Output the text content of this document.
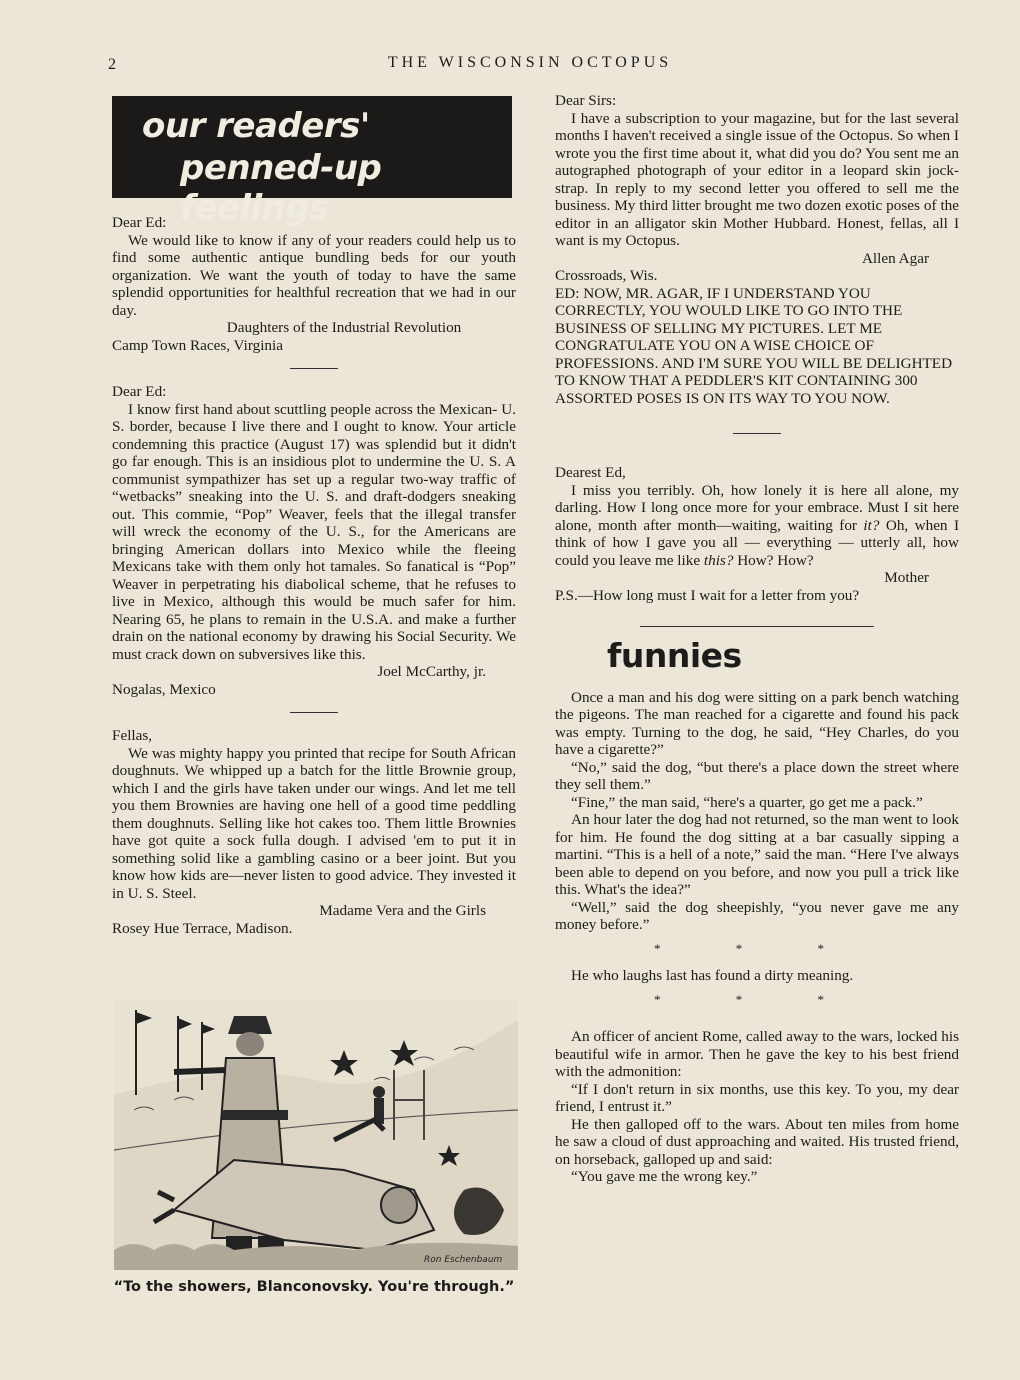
2	THE WISCONSIN OCTOPUS
our readers'
penned-up feelings

Dear Ed:

We would like to know if any of your readers could help us to find some authentic antique bundling beds for our youth organization. We want the youth of today to have the same splendid opportunities for healthful recreation that we had in our day.

Daughters of the Industrial Revolution

Camp Town Races, Virginia

Dear Ed:

I know first hand about scuttling people across the Mexican- U. S. border, because I live there and I ought to know. Your article condemning this practice (August 17) was splendid but it didn't go far enough. This is an insidious plot to undermine the U. S. A communist sympathizer has set up a regular two-way traffic of “wetbacks” sneaking into the U. S. and draft-dodgers sneaking out. This commie, “Pop” Weaver, feels that the illegal transfer will wreck the economy of the U. S., for the Americans are bringing American dollars into Mexico while the fleeing Mexicans take with them only hot tamales. So fanatical is “Pop” Weaver in perpetrating his diabolical scheme, that he refuses to live in Mexico, although this would be much safer for him. Nearing 65, he plans to remain in the U.S.A. and make a further drain on the national economy by drawing his Social Security. We must crack down on subversives like this.

Joel McCarthy, jr.

Nogalas, Mexico

Fellas,

We was mighty happy you printed that recipe for South African doughnuts. We whipped up a batch for the little Brownie group, which I and the girls have taken under our wings. And let me tell you them Brownies are having one hell of a good time peddling them doughnuts. Selling like hot cakes too. Them little Brownies have got quite a sock fulla dough. I advised 'em to put it in something solid like a gambling casino or a beer joint. But you know how kids are—never listen to good advice. They invested it in U. S. Steel.

Madame Vera and the Girls

Rosey Hue Terrace, Madison.

Ron Eschenbaum
“To the showers, Blanconovsky. You're through.”

Dear Sirs:

I have a subscription to your magazine, but for the last several months I haven't received a single issue of the Octopus. So when I wrote you the first time about it, what did you do? You sent me an autographed photograph of your editor in a leopard skin jock-strap. In reply to my second letter you offered to sell me the business. My third litter brought me two dozen exotic poses of the editor in an alligator skin Mother Hubbard. Honest, fellas, all I want is my Octopus.

Allen Agar

Crossroads, Wis.

ED: NOW, MR. AGAR, IF I UNDERSTAND YOU CORRECTLY, YOU WOULD LIKE TO GO INTO THE BUSINESS OF SELLING MY PICTURES. LET ME CONGRATULATE YOU ON A WISE CHOICE OF PROFESSIONS. AND I'M SURE YOU WILL BE DELIGHTED TO KNOW THAT A PEDDLER'S KIT CONTAINING 300 ASSORTED POSES IS ON ITS WAY TO YOU NOW.

Dearest Ed,

I miss you terribly. Oh, how lonely it is here all alone, my darling. How I long once more for your embrace. Must I sit here alone, month after month—waiting, waiting for it? Oh, when I think of how I gave you all — everything — utterly all, how could you leave me like this? How? How?

Mother

P.S.—How long must I wait for a letter from you?

funnies

Once a man and his dog were sitting on a park bench watching the pigeons. The man reached for a cigarette and found his pack was empty. Turning to the dog, he said, “Hey Charles, do you have a cigarette?”

“No,” said the dog, “but there's a place down the street where they sell them.”

“Fine,” the man said, “here's a quarter, go get me a pack.”

An hour later the dog had not returned, so the man went to look for him. He found the dog sitting at a bar casually sipping a martini. “This is a hell of a note,” said the man. “Here I've always been able to depend on you before, and now you pull a trick like this. What's the idea?”

“Well,” said the dog sheepishly, “you never gave me any money before.”

* * *

He who laughs last has found a dirty meaning.

* * *

An officer of ancient Rome, called away to the wars, locked his beautiful wife in armor. Then he gave the key to his best friend with the admonition:

“If I don't return in six months, use this key. To you, my dear friend, I entrust it.”

He then galloped off to the wars. About ten miles from home he saw a cloud of dust approaching and waited. His trusted friend, on horseback, galloped up and said:

“You gave me the wrong key.”
